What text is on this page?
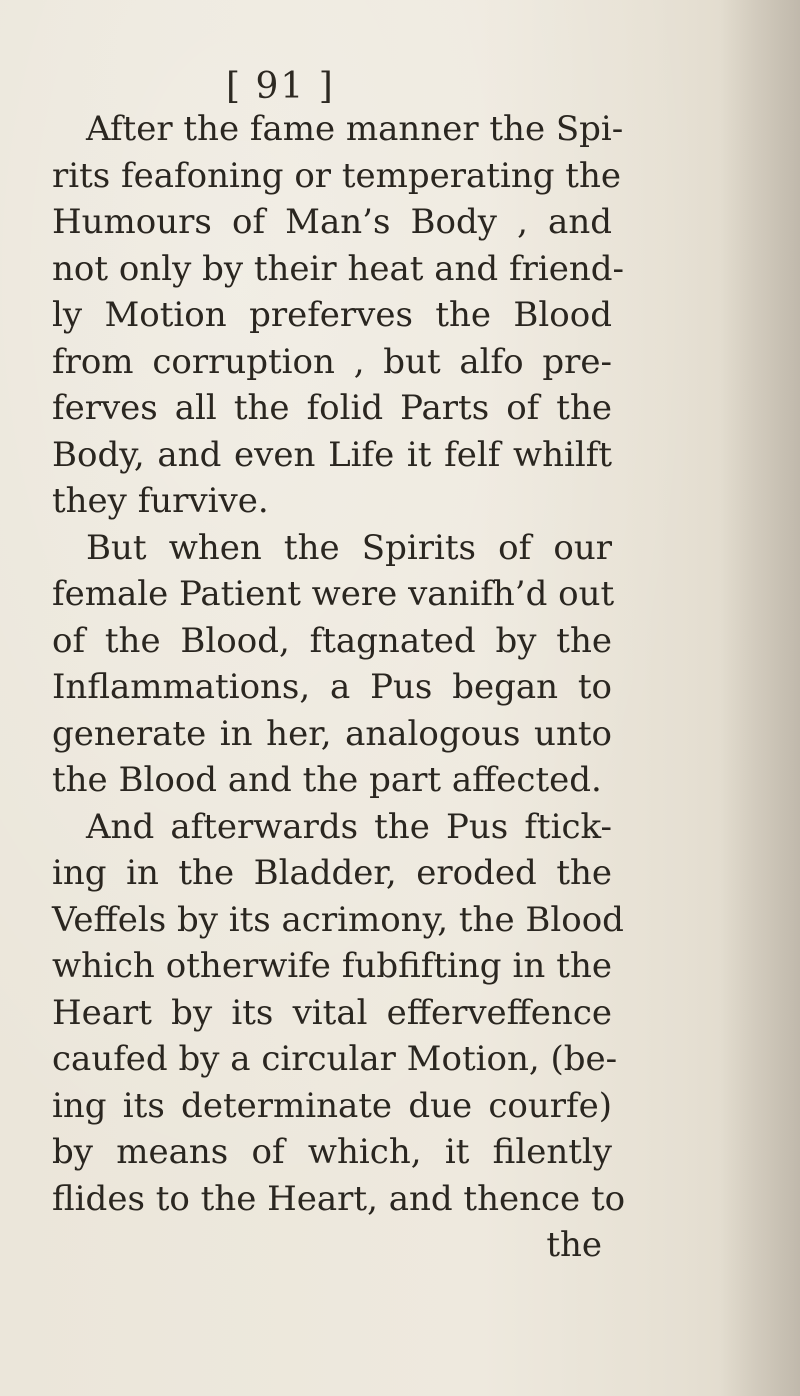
[ 91 ]
After the fame manner the Spi-
rits feafoning or temperating the
Humours of Man’s Body , and
not only by their heat and friend-
ly Motion preferves the Blood
from corruption , but alfo pre-
ferves all the folid Parts of the
Body, and even Life it felf whilft
they furvive.
But when the Spirits of our
female Patient were vanifh’d out
of the Blood, ftagnated by the
Inflammations, a Pus began to
generate in her, analogous unto
the Blood and the part affected.
And afterwards the Pus ftick-
ing in the Bladder, eroded the
Veffels by its acrimony, the Blood
which otherwife fubfifting in the
Heart by its vital efferveffence
caufed by a circular Motion, (be-
ing its determinate due courfe)
by means of which, it filently
flides to the Heart, and thence to
the
